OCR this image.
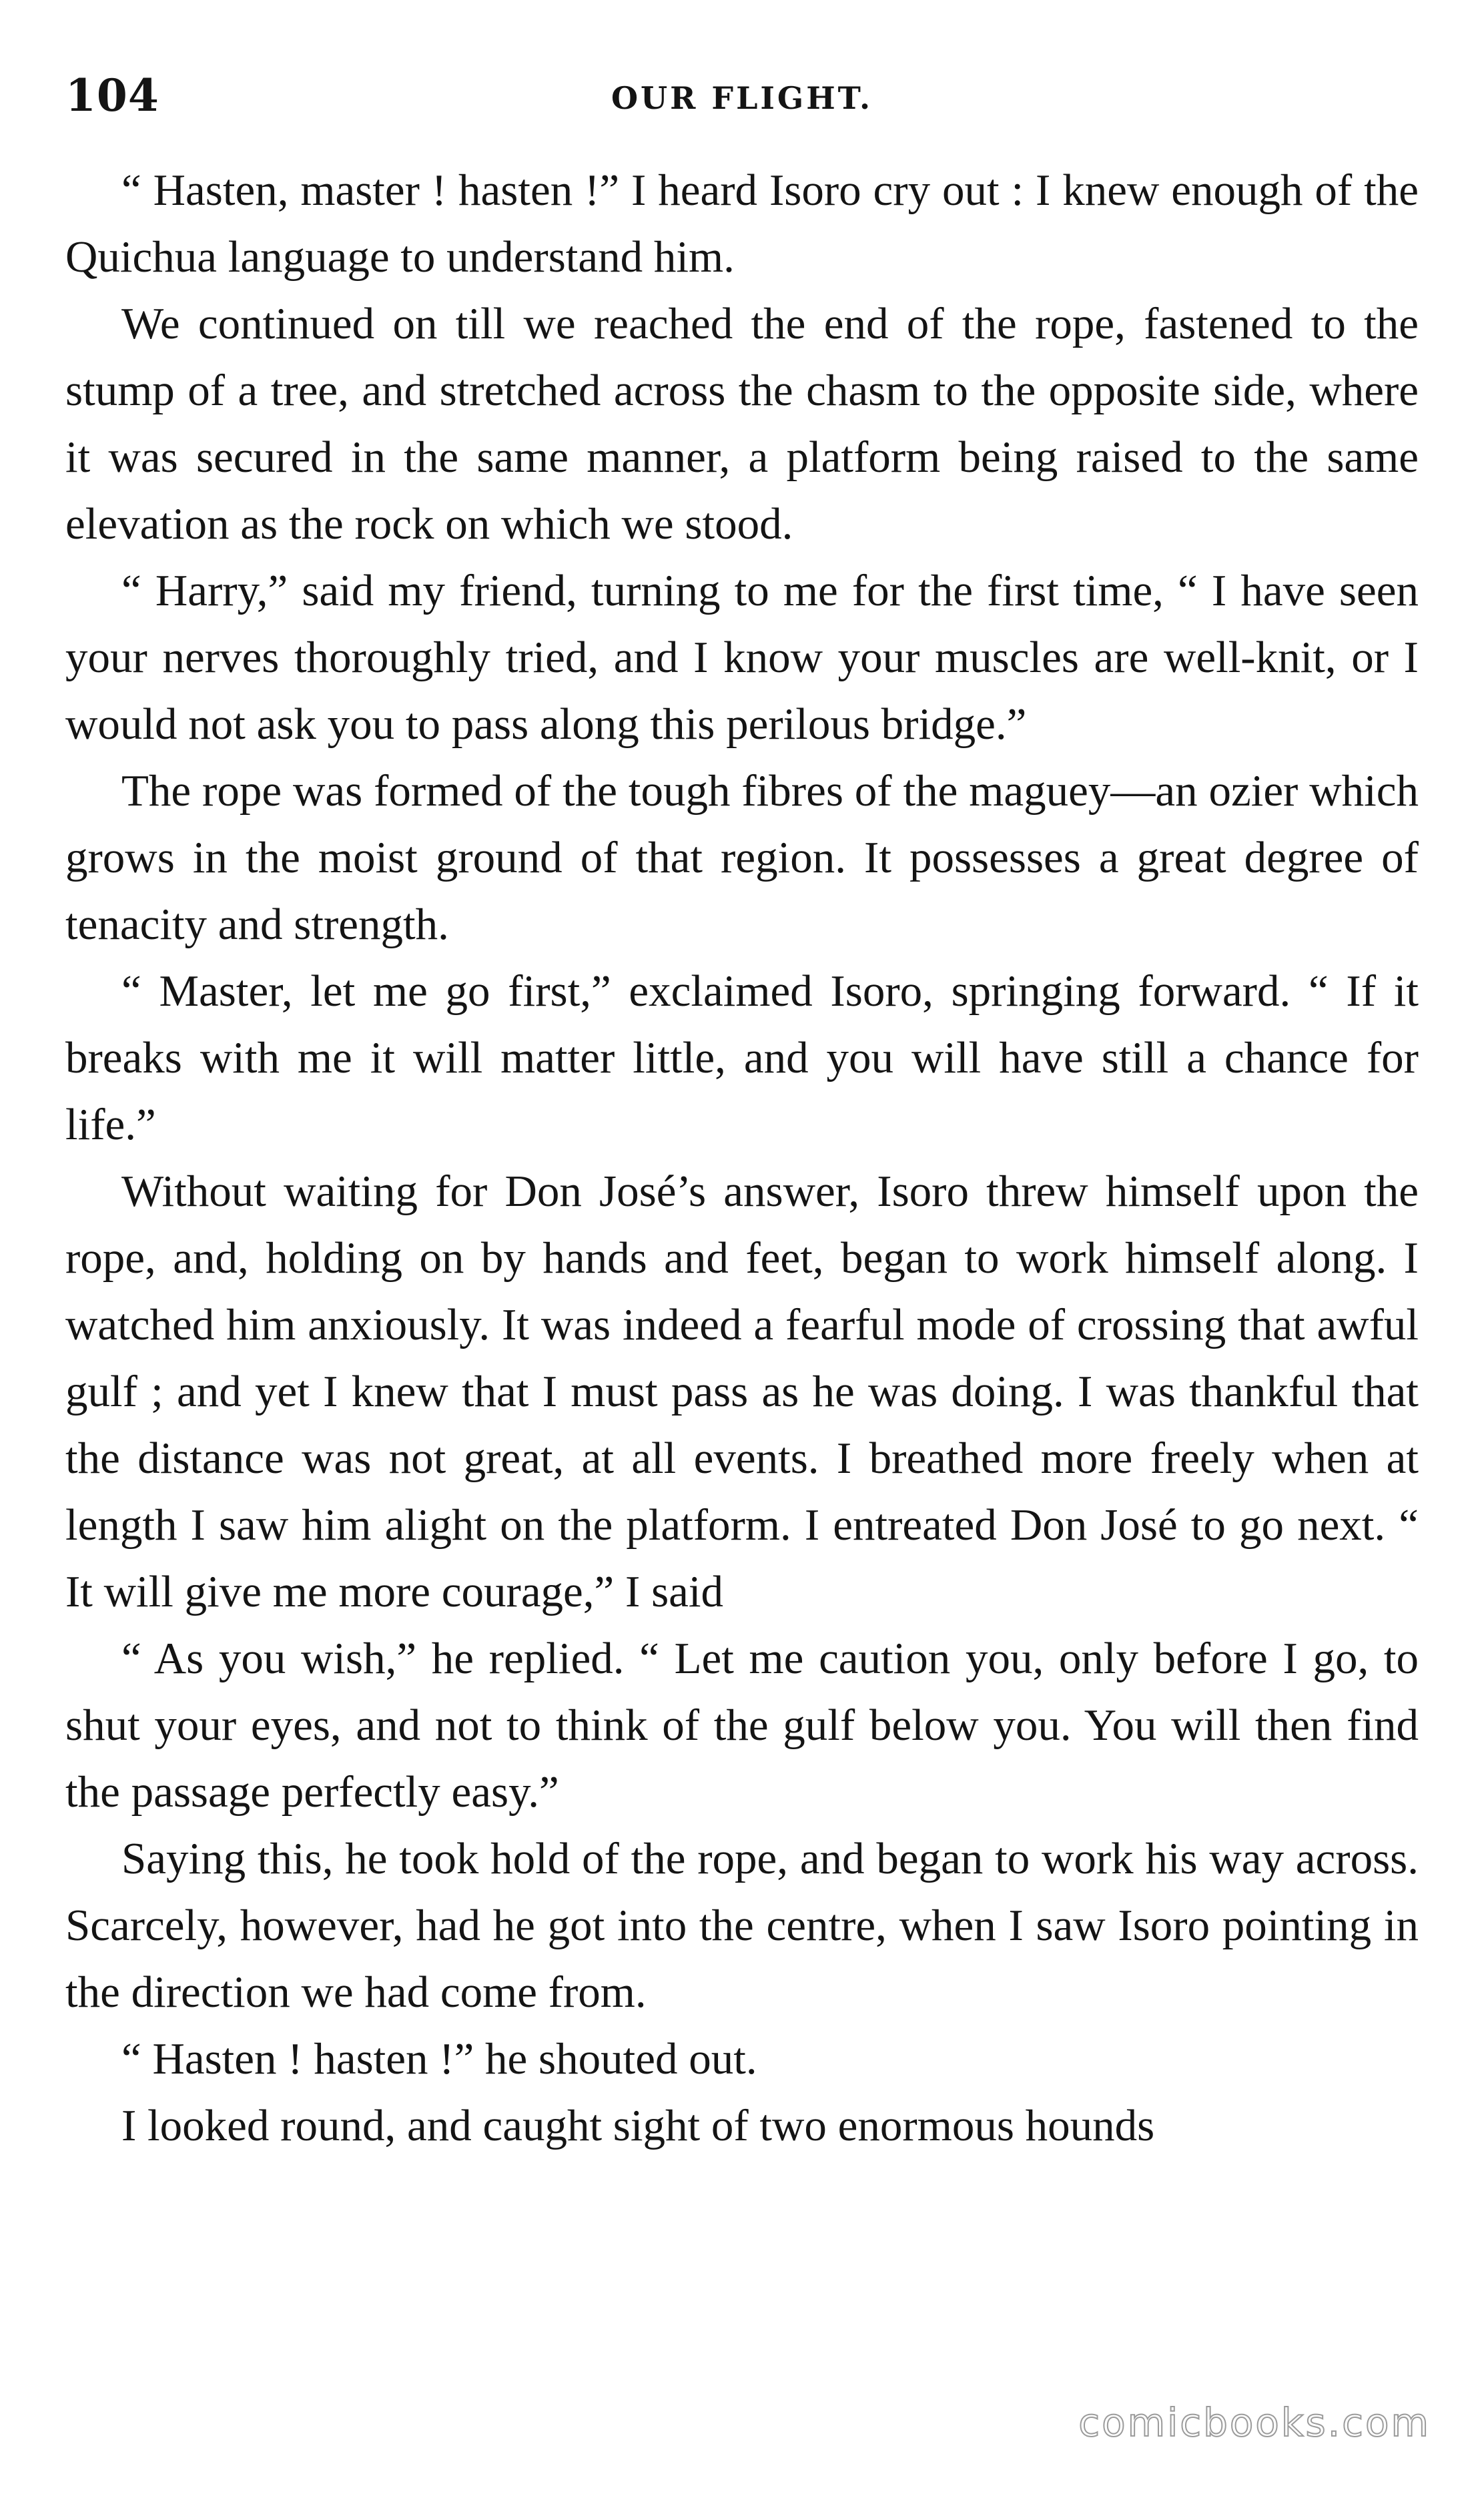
104	OUR FLIGHT.

“ Hasten, master ! hasten !” I heard Isoro cry out : I knew enough of the Quichua language to understand him.

We continued on till we reached the end of the rope, fastened to the stump of a tree, and stretched across the chasm to the opposite side, where it was secured in the same manner, a platform being raised to the same elevation as the rock on which we stood.

“ Harry,” said my friend, turning to me for the first time, “ I have seen your nerves thoroughly tried, and I know your muscles are well-knit, or I would not ask you to pass along this perilous bridge.”

The rope was formed of the tough fibres of the maguey—an ozier which grows in the moist ground of that region. It possesses a great degree of tenacity and strength.

“ Master, let me go first,” exclaimed Isoro, springing forward. “ If it breaks with me it will matter little, and you will have still a chance for life.”

Without waiting for Don José’s answer, Isoro threw himself upon the rope, and, holding on by hands and feet, began to work himself along. I watched him anxiously. It was indeed a fearful mode of crossing that awful gulf ; and yet I knew that I must pass as he was doing. I was thankful that the distance was not great, at all events. I breathed more freely when at length I saw him alight on the platform. I entreated Don José to go next. “ It will give me more courage,” I said

“ As you wish,” he replied. “ Let me caution you, only before I go, to shut your eyes, and not to think of the gulf below you. You will then find the passage perfectly easy.”

Saying this, he took hold of the rope, and began to work his way across. Scarcely, however, had he got into the centre, when I saw Isoro pointing in the direction we had come from.

“ Hasten ! hasten !” he shouted out.

I looked round, and caught sight of two enormous hounds

comicbooks.com
